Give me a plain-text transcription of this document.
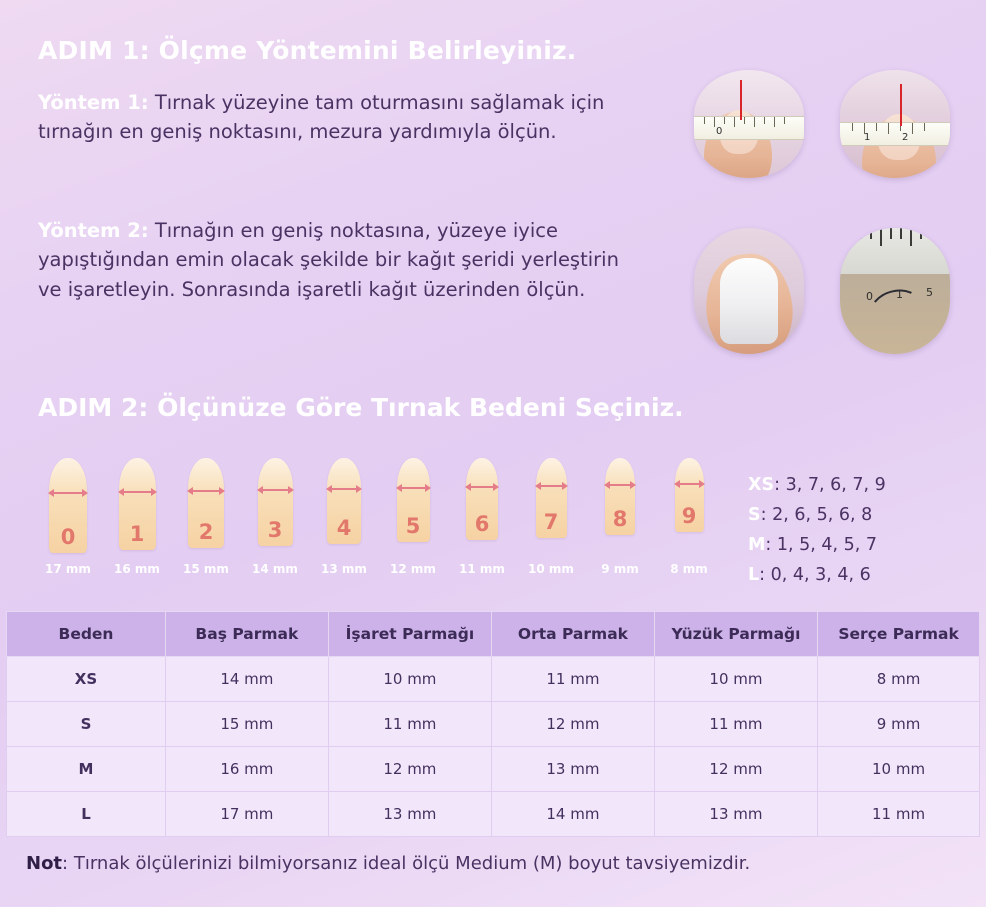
ADIM 1: Ölçme Yöntemini Belirleyiniz.
Yöntem 1: Tırnak yüzeyine tam oturmasını sağlamak için tırnağın en geniş noktasını, mezura yardımıyla ölçün.
Yöntem 2: Tırnağın en geniş noktasına, yüzeye iyice yapıştığından emin olacak şekilde bir kağıt şeridi yerleştirin ve işaretleyin. Sonrasında işaretli kağıt üzerinden ölçün.
0
1	2
0 1 5
ADIM 2: Ölçünüze Göre Tırnak Bedeni Seçiniz.
0
17 mm
1
16 mm
2
15 mm
3
14 mm
4
13 mm
5
12 mm
6
11 mm
7
10 mm
8
9 mm
9
8 mm
XS: 3, 7, 6, 7, 9
S: 2, 6, 5, 6, 8
M: 1, 5, 4, 5, 7
L: 0, 4, 3, 4, 6
Beden	Baş Parmak	İşaret Parmağı	Orta Parmak	Yüzük Parmağı	Serçe Parmak
XS	14 mm	10 mm	11 mm	10 mm	8 mm
S	15 mm	11 mm	12 mm	11 mm	9 mm
M	16 mm	12 mm	13 mm	12 mm	10 mm
L	17 mm	13 mm	14 mm	13 mm	11 mm
Not: Tırnak ölçülerinizi bilmiyorsanız ideal ölçü Medium (M) boyut tavsiyemizdir.
